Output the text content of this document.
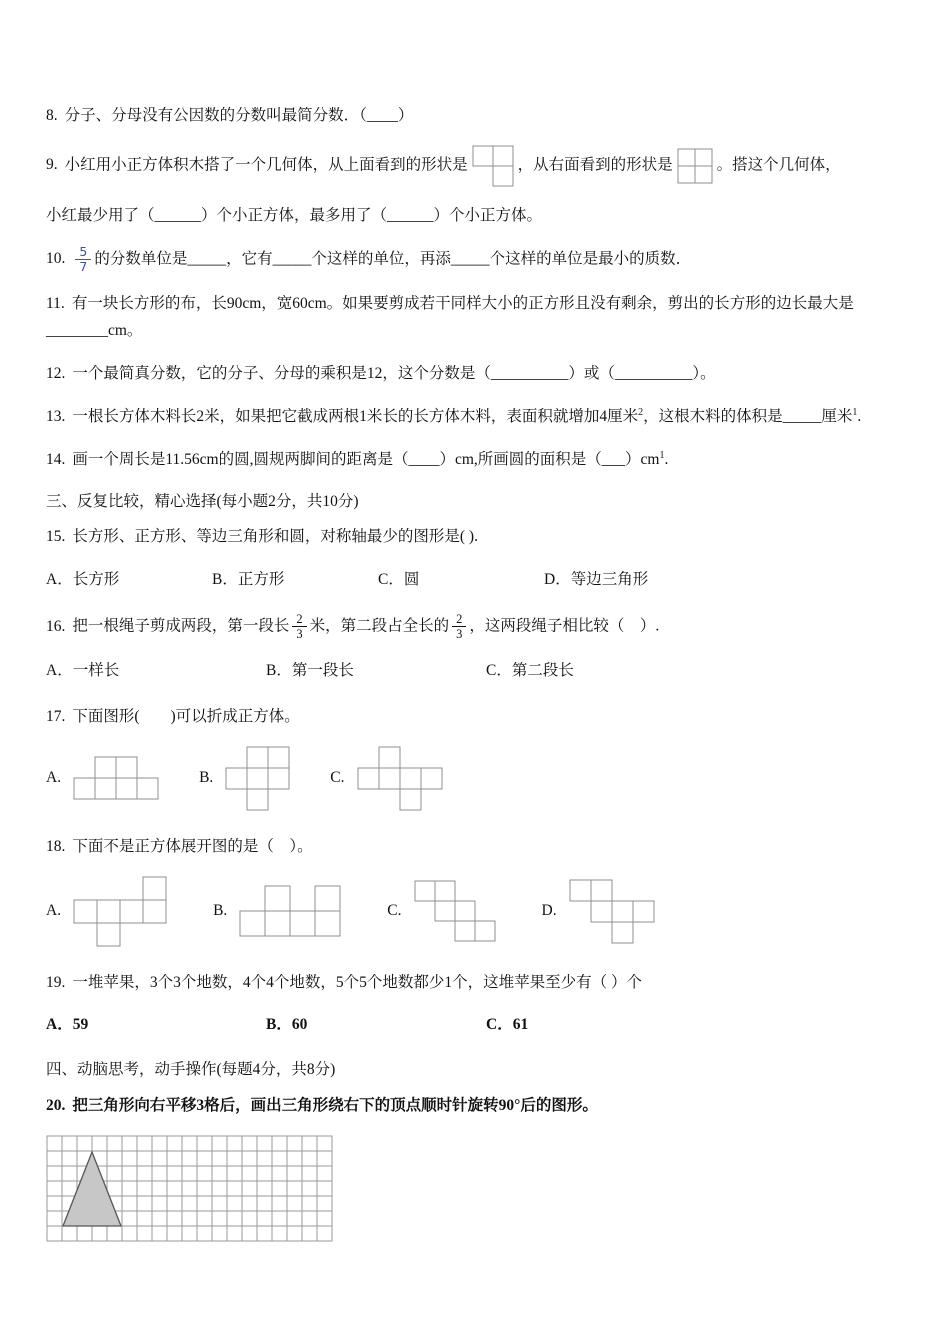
8. 分子、分母没有公因数的分数叫最简分数．（____）

9. 小红用小正方体积木搭了一个几何体，从上面看到的形状是	，从右面看到的形状是	。搭这个几何体，

小红最少用了（______）个小正方体，最多用了（______）个小正方体。

10. $\frac{5}{7}$ 的分数单位是_____，它有_____个这样的单位，再添_____个这样的单位是最小的质数．

11. 有一块长方形的布，长90cm，宽60cm。如果要剪成若干同样大小的正方形且没有剩余，剪出的长方形的边长最大是________cm。

12. 一个最简真分数，它的分子、分母的乘积是12，这个分数是（__________）或（__________）。

13. 一根长方体木料长2米，如果把它截成两根1米长的长方体木料，表面积就增加4厘米$^2$，这根木料的体积是_____厘米$^1$.

14. 画一个周长是11.56cm的圆,圆规两脚间的距离是（____）cm,所画圆的面积是$(\_\_\_)cm^1$.

三、反复比较，精心选择(每小题2分，共10分)

15. 长方形、正方形、等边三角形和圆，对称轴最少的图形是( ).

A．长方形	B．正方形	C．圆	D．等边三角形

16. 把一根绳子剪成两段，第一段长 $\frac{2}{3}$ 米，第二段占全长的 $\frac{2}{3}$ ，这两段绳子相比较（　）.

A．一样长	B．第一段长	C．第二段长

17. 下面图形(　　)可以折成正方体。

A.	B.	C.

18. 下面不是正方体展开图的是（　）。

A.	B.	C.	D.

19. 一堆苹果，3个3个地数，4个4个地数，5个5个地数都少1个，这堆苹果至少有（ ）个

A．59	B．60	C．61

四、动脑思考，动手操作(每题4分，共8分)

20. 把三角形向右平移3格后，画出三角形绕右下的顶点顺时针旋转90°后的图形。
